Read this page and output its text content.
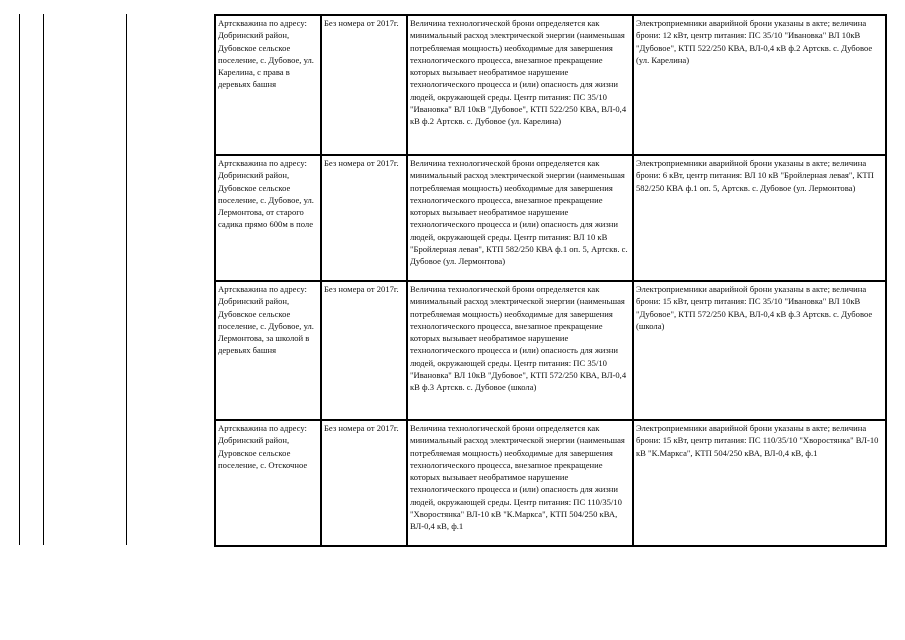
Артскважина по адресу: Добринский район, Дубовское сельское поселение, с. Дубовое, ул. Карелина, с права в деревьях башня	Без номера от 2017г.	Величина технологической брони определяется как минимальный расход электрической энергии (наименьшая потребляемая мощность) необходимые для завершения технологического процесса, внезапное прекращение которых вызывает необратимое нарушение технологического процесса и (или) опасность для жизни людей, окружающей среды. Центр питания: ПС 35/10 "Ивановка" ВЛ 10кВ "Дубовое", КТП 522/250 КВА, ВЛ-0,4 кВ ф.2 Артскв. с. Дубовое (ул. Карелина)	Электроприемники аварийной брони указаны в акте; величина брони: 12 кВт, центр питания: ПС 35/10 "Ивановка" ВЛ 10кВ "Дубовое", КТП 522/250 КВА, ВЛ-0,4 кВ ф.2 Артскв. с. Дубовое (ул. Карелина)
Артскважина по адресу: Добринский район, Дубовское сельское поселение, с. Дубовое, ул. Лермонтова, от старого садика прямо 600м в поле	Без номера от 2017г.	Величина технологической брони определяется как минимальный расход электрической энергии (наименьшая потребляемая мощность) необходимые для завершения технологического процесса, внезапное прекращение которых вызывает необратимое нарушение технологического процесса и (или) опасность для жизни людей, окружающей среды. Центр питания: ВЛ 10 кВ "Бройлерная левая", КТП 582/250 КВА ф.1 оп. 5, Артскв. с. Дубовое (ул. Лермонтова)	Электроприемники аварийной брони указаны в акте; величина брони: 6 кВт, центр питания: ВЛ 10 кВ "Бройлерная левая", КТП 582/250 КВА ф.1 оп. 5, Артскв. с. Дубовое (ул. Лермонтова)
Артскважина по адресу: Добринский район, Дубовское сельское поселение, с. Дубовое, ул. Лермонтова, за школой в деревьях башня	Без номера от 2017г.	Величина технологической брони определяется как минимальный расход электрической энергии (наименьшая потребляемая мощность) необходимые для завершения технологического процесса, внезапное прекращение которых вызывает необратимое нарушение технологического процесса и (или) опасность для жизни людей, окружающей среды. Центр питания: ПС 35/10 "Ивановка" ВЛ 10кВ "Дубовое", КТП 572/250 КВА, ВЛ-0,4 кВ ф.3 Артскв. с. Дубовое (школа)	Электроприемники аварийной брони указаны в акте; величина брони: 15 кВт, центр питания: ПС 35/10 "Ивановка" ВЛ 10кВ "Дубовое", КТП 572/250 КВА, ВЛ-0,4 кВ ф.3 Артскв. с. Дубовое (школа)
Артскважина по адресу: Добринский район, Дуровское сельское поселение, с. Отскочное	Без номера от 2017г.	Величина технологической брони определяется как минимальный расход электрической энергии (наименьшая потребляемая мощность) необходимые для завершения технологического процесса, внезапное прекращение которых вызывает необратимое нарушение технологического процесса и (или) опасность для жизни людей, окружающей среды. Центр питания: ПС 110/35/10 "Хворостянка" ВЛ-10 кВ "К.Маркса", КТП 504/250 кВА, ВЛ-0,4 кВ, ф.1	Электроприемники аварийной брони указаны в акте; величина брони: 15 кВт, центр питания: ПС 110/35/10 "Хворостянка" ВЛ-10 кВ "К.Маркса", КТП 504/250 кВА, ВЛ-0,4 кВ, ф.1
